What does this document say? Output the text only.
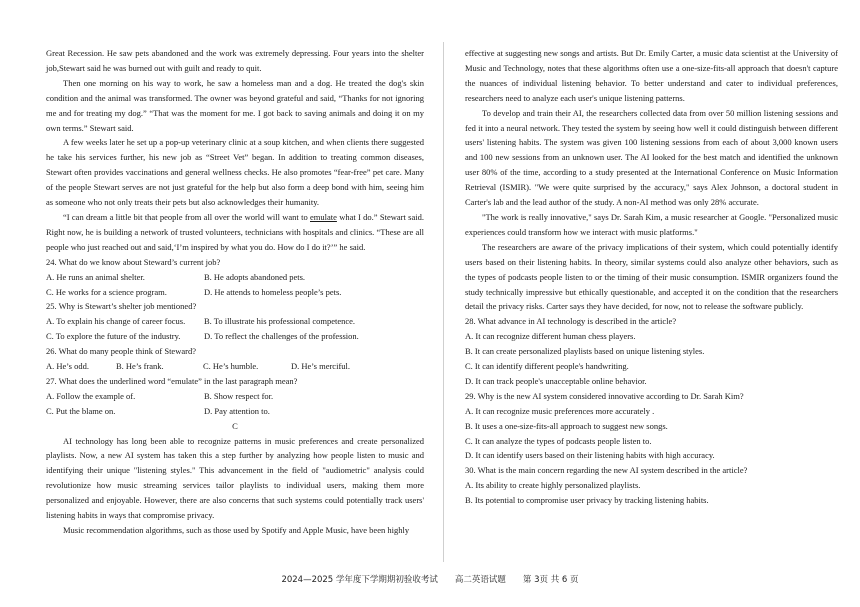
Great Recession. He saw pets abandoned and the work was extremely depressing. Four years into the shelter job,Stewart said he was burned out with guilt and ready to quit.

Then one morning on his way to work, he saw a homeless man and a dog. He treated the dog's skin condition and the animal was transformed. The owner was beyond grateful and said, “Thanks for not ignoring me and for treating my dog.” “That was the moment for me. I got back to saving animals and doing it on my own terms.” Stewart said.

A few weeks later he set up a pop-up veterinary clinic at a soup kitchen, and when clients there suggested he take his services further, his new job as “Street Vet” began. In addition to treating common diseases, Stewart often provides vaccinations and general wellness checks. He also promotes “fear-free” pet care. Many of the people Stewart serves are not just grateful for the help but also form a deep bond with him, seeing him as someone who not only treats their pets but also acknowledges their humanity.

“I can dream a little bit that people from all over the world will want to emulate what I do.” Stewart said. Right now, he is building a network of trusted volunteers, technicians with hospitals and clinics. “These are all people who just reached out and said,‘I’m inspired by what you do. How do I do it?’” he said.

24. What do we know about Steward’s current job?

A. He runs an animal shelter.	B. He adopts abandoned pets.
C. He works for a science program.	D. He attends to homeless people’s pets.

25. Why is Stewart’s shelter job mentioned?

A. To explain his change of career focus.	B. To illustrate his professional competence.
C. To explore the future of the industry.	D. To reflect the challenges of the profession.

26. What do many people think of Steward?

A. He’s odd.	B. He’s frank.	C. He’s humble.	D. He’s merciful.

27. What does the underlined word “emulate” in the last paragraph mean?

A. Follow the example of.	B. Show respect for.
C. Put the blame on.	D. Pay attention to.

C

AI technology has long been able to recognize patterns in music preferences and create personalized playlists. Now, a new AI system has taken this a step further by analyzing how people listen to music and identifying their unique "listening styles." This advancement in the field of "audiometric" analysis could revolutionize how music streaming services tailor playlists to individual users, making them more personalized and enjoyable. However, there are also concerns that such systems could potentially track users' listening habits in ways that compromise privacy.

Music recommendation algorithms, such as those used by Spotify and Apple Music, have been highly

effective at suggesting new songs and artists. But Dr. Emily Carter, a music data scientist at the University of Music and Technology, notes that these algorithms often use a one-size-fits-all approach that doesn't capture the nuances of individual listening behavior. To better understand and cater to individual preferences, researchers need to analyze each user's unique listening patterns.

To develop and train their AI, the researchers collected data from over 50 million listening sessions and fed it into a neural network. They tested the system by seeing how well it could distinguish between different users' listening habits. The system was given 100 listening sessions from each of about 3,000 known users and 100 new sessions from an unknown user. The AI looked for the best match and identified the unknown user 80% of the time, according to a study presented at the International Conference on Music Information Retrieval (ISMIR). "We were quite surprised by the accuracy," says Alex Johnson, a doctoral student in Carter's lab and the lead author of the study. A non-AI method was only 28% accurate.

"The work is really innovative," says Dr. Sarah Kim, a music researcher at Google. "Personalized music experiences could transform how we interact with music platforms."

The researchers are aware of the privacy implications of their system, which could potentially identify users based on their listening habits. In theory, similar systems could also analyze other behaviors, such as the types of podcasts people listen to or the timing of their music consumption. ISMIR organizers found the study technically impressive but ethically questionable, and accepted it on the condition that the researchers detail the privacy risks. Carter says they have decided, for now, not to release the software publicly.

28. What advance in AI technology is described in the article?

A. It can recognize different human chess players.

B. It can create personalized playlists based on unique listening styles.

C. It can identify different people's handwriting.

D. It can track people's unacceptable online behavior.

29. Why is the new AI system considered innovative according to Dr. Sarah Kim?

A. It can recognize music preferences more accurately .

B. It uses a one-size-fits-all approach to suggest new songs.

C. It can analyze the types of podcasts people listen to.

D. It can identify users based on their listening habits with high accuracy.

30. What is the main concern regarding the new AI system described in the article?

A. Its ability to create highly personalized playlists.

B. Its potential to compromise user privacy by tracking listening habits.

2024—2025 学年度下学期期初验收考试　　高二英语试题　　第 3页 共 6 页
